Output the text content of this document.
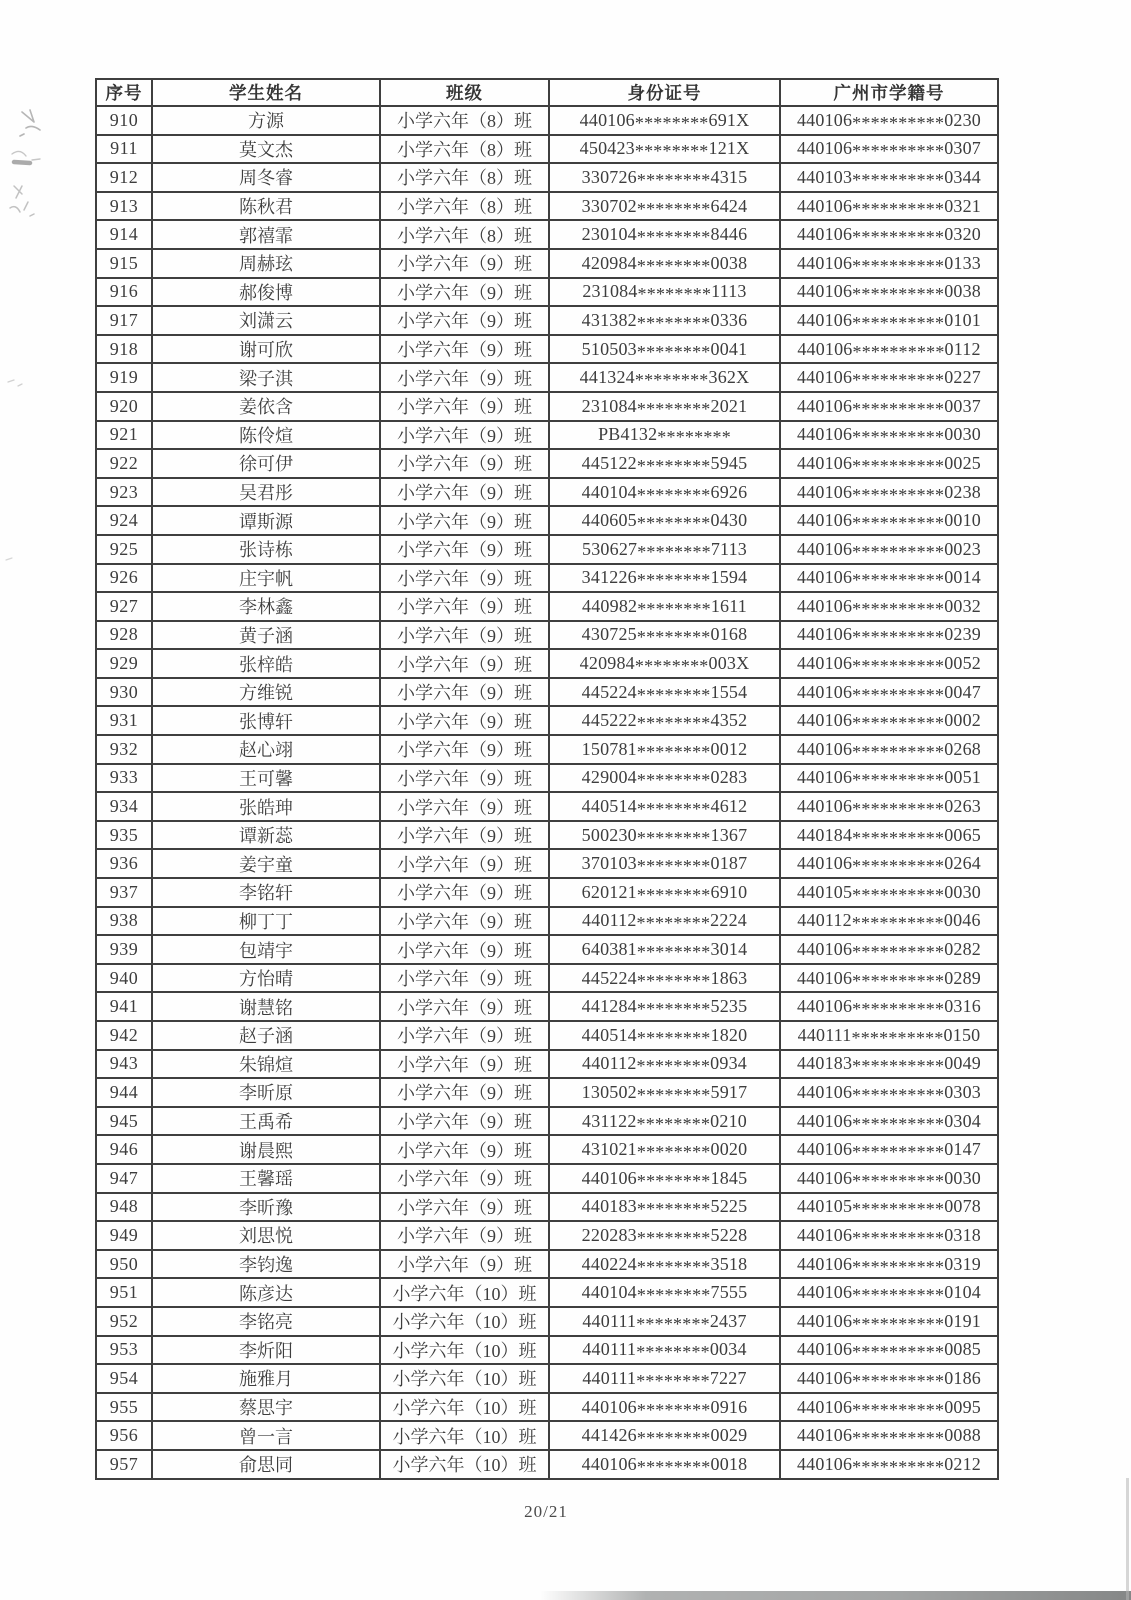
序号	学生姓名	班级	身份证号	广州市学籍号
910	方源	小学六年（8）班	440106********691X	440106**********0230
911	莫文杰	小学六年（8）班	450423********121X	440106**********0307
912	周冬睿	小学六年（8）班	330726********4315	440103**********0344
913	陈秋君	小学六年（8）班	330702********6424	440106**********0321
914	郭禧霏	小学六年（8）班	230104********8446	440106**********0320
915	周赫玹	小学六年（9）班	420984********0038	440106**********0133
916	郝俊博	小学六年（9）班	231084********1113	440106**********0038
917	刘潇云	小学六年（9）班	431382********0336	440106**********0101
918	谢可欣	小学六年（9）班	510503********0041	440106**********0112
919	梁子淇	小学六年（9）班	441324********362X	440106**********0227
920	姜依含	小学六年（9）班	231084********2021	440106**********0037
921	陈伶煊	小学六年（9）班	PB4132********	440106**********0030
922	徐可伊	小学六年（9）班	445122********5945	440106**********0025
923	吴君彤	小学六年（9）班	440104********6926	440106**********0238
924	谭斯源	小学六年（9）班	440605********0430	440106**********0010
925	张诗栋	小学六年（9）班	530627********7113	440106**********0023
926	庄宇帆	小学六年（9）班	341226********1594	440106**********0014
927	李林鑫	小学六年（9）班	440982********1611	440106**********0032
928	黄子涵	小学六年（9）班	430725********0168	440106**********0239
929	张梓皓	小学六年（9）班	420984********003X	440106**********0052
930	方维锐	小学六年（9）班	445224********1554	440106**********0047
931	张博轩	小学六年（9）班	445222********4352	440106**********0002
932	赵心翊	小学六年（9）班	150781********0012	440106**********0268
933	王可馨	小学六年（9）班	429004********0283	440106**********0051
934	张皓珅	小学六年（9）班	440514********4612	440106**********0263
935	谭新蕊	小学六年（9）班	500230********1367	440184**********0065
936	姜宇童	小学六年（9）班	370103********0187	440106**********0264
937	李铭轩	小学六年（9）班	620121********6910	440105**********0030
938	柳丁丁	小学六年（9）班	440112********2224	440112**********0046
939	包靖宇	小学六年（9）班	640381********3014	440106**********0282
940	方怡晴	小学六年（9）班	445224********1863	440106**********0289
941	谢慧铭	小学六年（9）班	441284********5235	440106**********0316
942	赵子涵	小学六年（9）班	440514********1820	440111**********0150
943	朱锦煊	小学六年（9）班	440112********0934	440183**********0049
944	李昕原	小学六年（9）班	130502********5917	440106**********0303
945	王禹希	小学六年（9）班	431122********0210	440106**********0304
946	谢晨熙	小学六年（9）班	431021********0020	440106**********0147
947	王馨瑶	小学六年（9）班	440106********1845	440106**********0030
948	李昕豫	小学六年（9）班	440183********5225	440105**********0078
949	刘思悦	小学六年（9）班	220283********5228	440106**********0318
950	李钧逸	小学六年（9）班	440224********3518	440106**********0319
951	陈彦达	小学六年（10）班	440104********7555	440106**********0104
952	李铭亮	小学六年（10）班	440111********2437	440106**********0191
953	李炘阳	小学六年（10）班	440111********0034	440106**********0085
954	施雅月	小学六年（10）班	440111********7227	440106**********0186
955	蔡思宇	小学六年（10）班	440106********0916	440106**********0095
956	曾一言	小学六年（10）班	441426********0029	440106**********0088
957	俞思同	小学六年（10）班	440106********0018	440106**********0212
20/21
